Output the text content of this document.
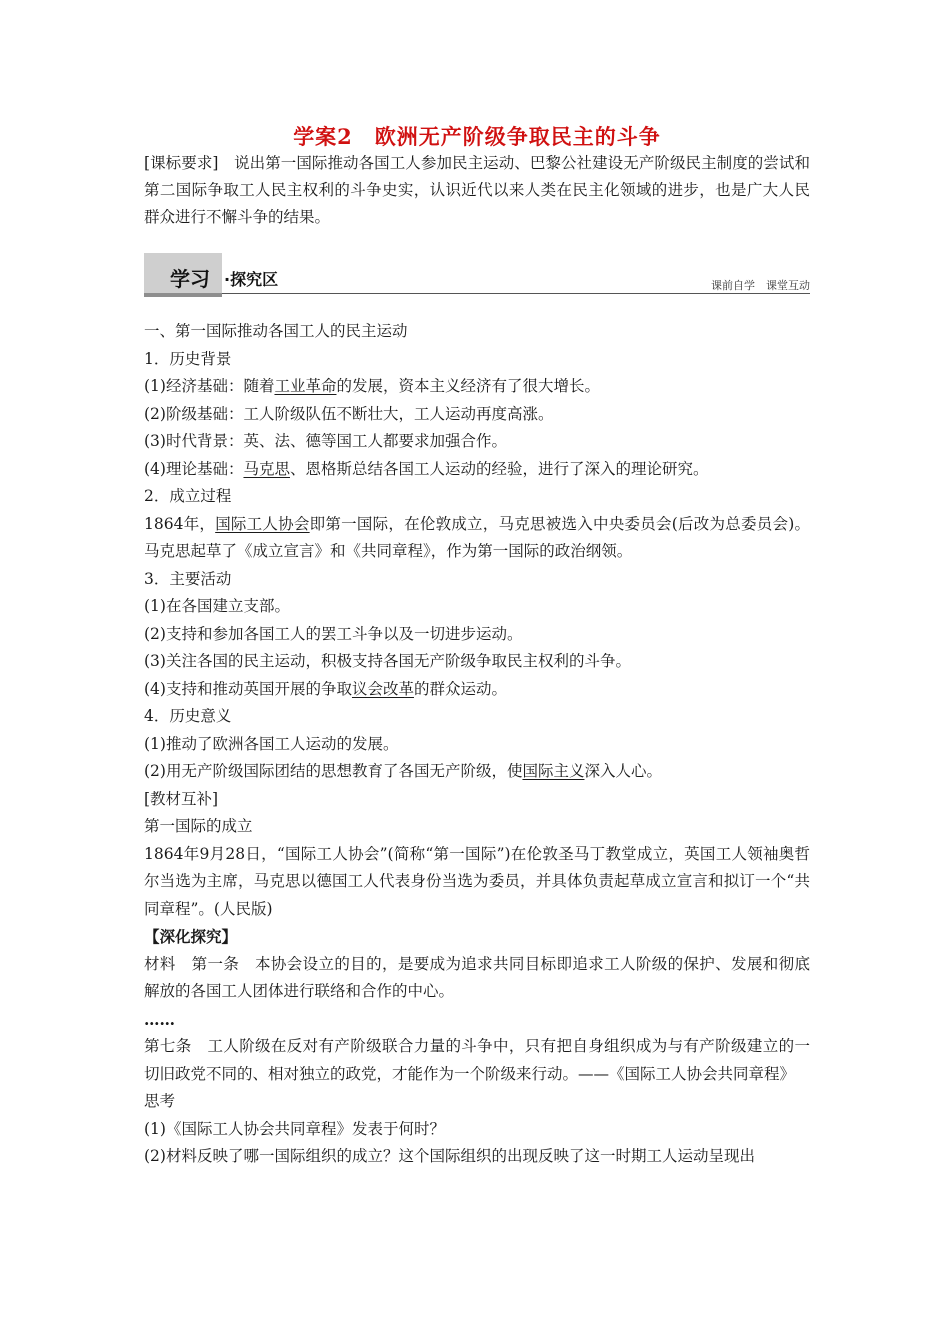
学案2　欧洲无产阶级争取民主的斗争
[课标要求]　说出第一国际推动各国工人参加民主运动、巴黎公社建设无产阶级民主制度的尝试和第二国际争取工人民主权利的斗争史实，认识近代以来人类在民主化领域的进步，也是广大人民群众进行不懈斗争的结果。
学习 ·探究区	课前自学　课堂互动

一、第一国际推动各国工人的民主运动

1．历史背景

(1)经济基础：随着工业革命的发展，资本主义经济有了很大增长。

(2)阶级基础：工人阶级队伍不断壮大，工人运动再度高涨。

(3)时代背景：英、法、德等国工人都要求加强合作。

(4)理论基础：马克思、恩格斯总结各国工人运动的经验，进行了深入的理论研究。

2．成立过程

1864年，国际工人协会即第一国际，在伦敦成立，马克思被选入中央委员会(后改为总委员会)。马克思起草了《成立宣言》和《共同章程》，作为第一国际的政治纲领。

3．主要活动

(1)在各国建立支部。

(2)支持和参加各国工人的罢工斗争以及一切进步运动。

(3)关注各国的民主运动，积极支持各国无产阶级争取民主权利的斗争。

(4)支持和推动英国开展的争取议会改革的群众运动。

4．历史意义

(1)推动了欧洲各国工人运动的发展。

(2)用无产阶级国际团结的思想教育了各国无产阶级，使国际主义深入人心。

[教材互补]

第一国际的成立

1864年9月28日，“国际工人协会”(简称“第一国际”)在伦敦圣马丁教堂成立，英国工人领袖奥哲尔当选为主席，马克思以德国工人代表身份当选为委员，并具体负责起草成立宣言和拟订一个“共同章程”。(人民版)

【深化探究】

材料　第一条　本协会设立的目的，是要成为追求共同目标即追求工人阶级的保护、发展和彻底解放的各国工人团体进行联络和合作的中心。

……

第七条　工人阶级在反对有产阶级联合力量的斗争中，只有把自身组织成为与有产阶级建立的一切旧政党不同的、相对独立的政党，才能作为一个阶级来行动。——《国际工人协会共同章程》

思考

(1)《国际工人协会共同章程》发表于何时？

(2)材料反映了哪一国际组织的成立？这个国际组织的出现反映了这一时期工人运动呈现出
